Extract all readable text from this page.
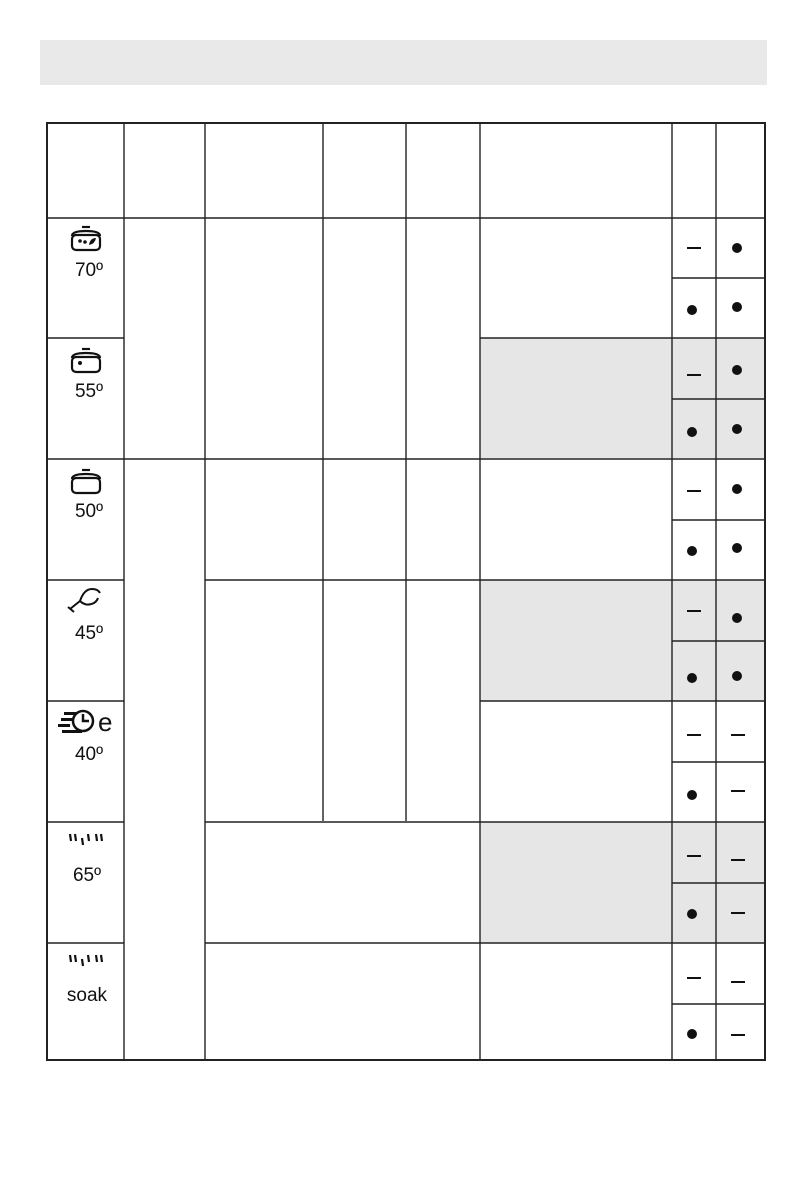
70º
55º
50º
45º
e
40º
65º
soak
